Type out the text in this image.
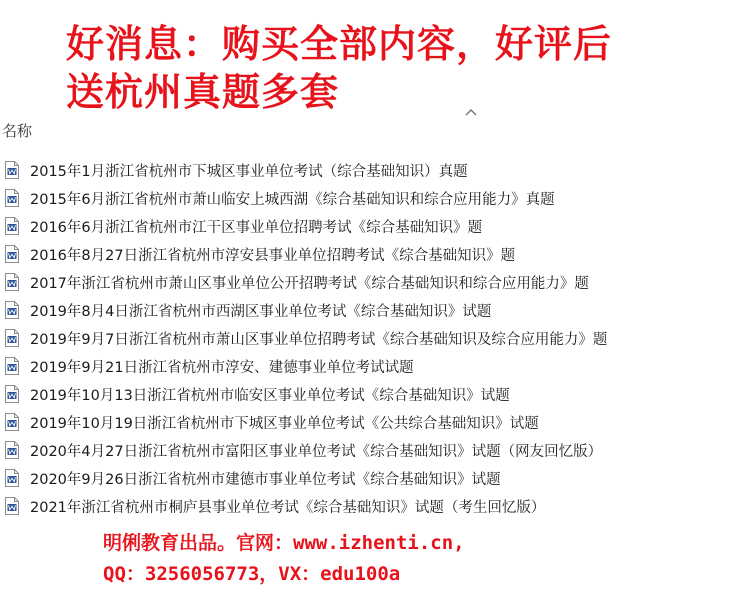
好消息：购买全部内容，好评后
送杭州真题多套
名称
2015年1月浙江省杭州市下城区事业单位考试（综合基础知识）真题
2015年6月浙江省杭州市萧山临安上城西湖《综合基础知识和综合应用能力》真题
2016年6月浙江省杭州市江干区事业单位招聘考试《综合基础知识》题
2016年8月27日浙江省杭州市淳安县事业单位招聘考试《综合基础知识》题
2017年浙江省杭州市萧山区事业单位公开招聘考试《综合基础知识和综合应用能力》题
2019年8月4日浙江省杭州市西湖区事业单位考试《综合基础知识》试题
2019年9月7日浙江省杭州市萧山区事业单位招聘考试《综合基础知识及综合应用能力》题
2019年9月21日浙江省杭州市淳安、建德事业单位考试试题
2019年10月13日浙江省杭州市临安区事业单位考试《综合基础知识》试题
2019年10月19日浙江省杭州市下城区事业单位考试《公共综合基础知识》试题
2020年4月27日浙江省杭州市富阳区事业单位考试《综合基础知识》试题（网友回忆版）
2020年9月26日浙江省杭州市建德市事业单位考试《综合基础知识》试题
2021年浙江省杭州市桐庐县事业单位考试《综合基础知识》试题（考生回忆版）
明俐教育出品。官网：www.izhenti.cn,
QQ：3256056773，VX：edu100a
